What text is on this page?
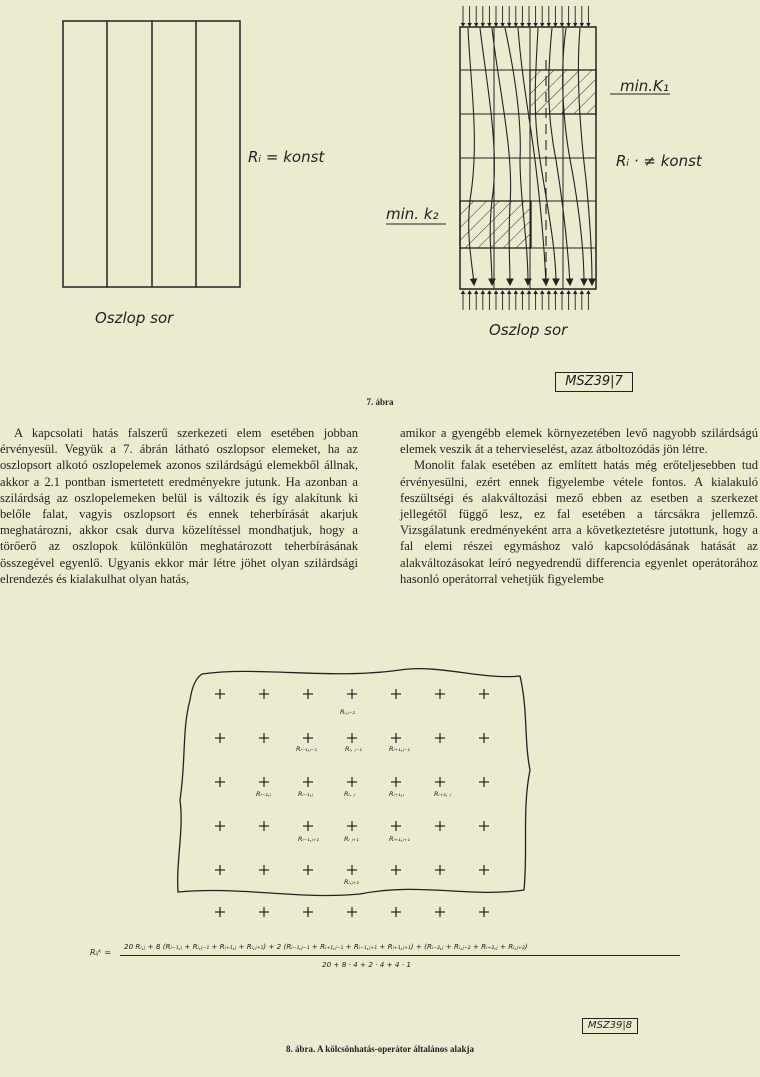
Rᵢ = konst
Oszlop sor
min.K₁
Rᵢ · ≠ konst
min. k₂
Oszlop sor
MSZ39|7
7. ábra

A kapcsolati hatás falszerű szerkezeti elem esetében jobban érvényesül. Vegyük a 7. ábrán látható oszlopsor elemeket, ha az oszlopsort alkotó oszlopelemek azonos szilárdságú elemekből állnak, akkor a 2.1 pontban ismertetett eredményekre jutunk. Ha azonban a szilárdság az oszlopelemeken belül is változik és így alakítunk ki belőle falat, vagyis oszlopsort és ennek teherbírását akarjuk meghatározni, akkor csak durva közelítéssel mondhatjuk, hogy a törőerő az oszlopok különkülön meghatározott teherbírásának összegével egyenlő. Ugyanis ekkor már létre jöhet olyan szilárdsági elrendezés és kialakulhat olyan hatás,

amikor a gyengébb elemek környezetében levő nagyobb szilárdságú elemek veszik át a tehervieselést, azaz átboltozódás jön létre.

Monolit falak esetében az említett hatás még erőteljesebben tud érvényesülni, ezért ennek figyelembe vétele fontos. A kialakuló feszültségi és alakváltozási mező ebben az esetben a szerkezet jellegétől függő lesz, ez fal esetében a tárcsákra jellemző. Vizsgálatunk eredményeként arra a következtetésre jutottunk, hogy a fal elemi részei egymáshoz való kapcsolódásának hatását az alakváltozásokat leíró negyedrendű differencia egyenlet operátorához hasonló operátorral vehetjük figyelembe

Rᵢ,ⱼ₋₂
Rᵢ₋₁,ⱼ₋₁	Rᵢ, ⱼ₋₁	Rᵢ₊₁,ⱼ₋₁
Rᵢ₋₂,ⱼ	Rᵢ₋₁,ⱼ	Rᵢ, ⱼ	Rᵢ₊₁,ⱼ	Rᵢ₊₂, ⱼ
Rᵢ₋₁,ⱼ₊₁	Rᵢ ⱼ₊₁	Rᵢ₊₁,ⱼ₊₁
Rᵢ,ⱼ₊₂
Rᵢⱼᵏ =
20 Rᵢ,ⱼ + 8 (Rᵢ₋₁,ⱼ + Rᵢ,ⱼ₋₁ + Rᵢ₊₁,ⱼ + Rᵢ,ⱼ₊₁) + 2 (Rᵢ₋₁,ⱼ₋₁ + Rᵢ₊₁,ⱼ₋₁ + Rᵢ₋₁,ⱼ₊₁ + Rᵢ₊₁,ⱼ₊₁) + (Rᵢ₋₂,ⱼ + Rᵢ,ⱼ₋₂ + Rᵢ₊₂,ⱼ + Rᵢ,ⱼ₊₂)
20 + 8 · 4 + 2 · 4 + 4 · 1
MSZ39|8
8. ábra. A kölcsönhatás-operátor általános alakja
